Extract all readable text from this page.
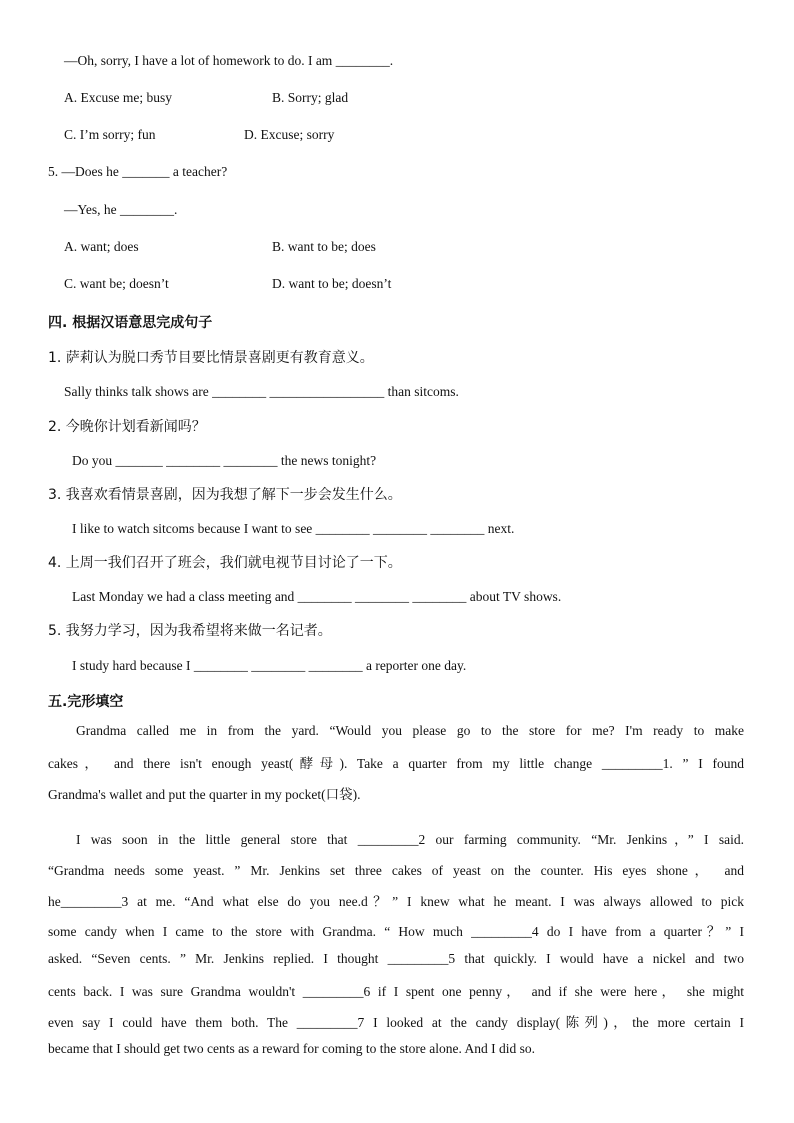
—Oh, sorry, I have a lot of homework to do. I am ________.
A. Excuse me; busy	B. Sorry; glad
C. I’m sorry; fun	D. Excuse; sorry
5. —Does he _______ a teacher?
—Yes, he ________.
A. want; does	B. want to be; does
C. want be; doesn’t	D. want to be; doesn’t
四. 根据汉语意思完成句子
1. 萨莉认为脱口秀节目要比情景喜剧更有教育意义。
Sally thinks talk shows are ________ _________________ than sitcoms.
2. 今晚你计划看新闻吗？
Do you _______ ________ ________ the news tonight?
3. 我喜欢看情景喜剧，因为我想了解下一步会发生什么。
I like to watch sitcoms because I want to see ________ ________ ________ next.
4. 上周一我们召开了班会，我们就电视节目讨论了一下。
Last Monday we had a class meeting and ________ ________ ________ about TV shows.
5. 我努力学习，因为我希望将来做一名记者。
I study hard because I ________ ________ ________ a reporter one day.
五.完形填空
Grandma called me in from the yard. “Would you please go to the store for me? I'm ready to make
cakes， and there isn't enough yeast(酵母). Take a quarter from my little change _________1. ” I found
Grandma's wallet and put the quarter in my pocket(口袋).
I was soon in the little general store that _________2 our farming community. “Mr. Jenkins，” I said.
“Grandma needs some yeast. ” Mr. Jenkins set three cakes of yeast on the counter. His eyes shone， and
he_________3 at me. “And what else do you nee.d？” I knew what he meant. I was always allowed to pick
some candy when I came to the store with Grandma. “ How much _________4 do I have from a quarter？” I
asked. “Seven cents. ” Mr. Jenkins replied. I thought _________5 that quickly. I would have a nickel and two
cents back. I was sure Grandma wouldn't _________6 if I spent one penny， and if she were here， she might
even say I could have them both. The _________7 I looked at the candy display(陈列)，the more certain I
became that I should get two cents as a reward for coming to the store alone. And I did so.
